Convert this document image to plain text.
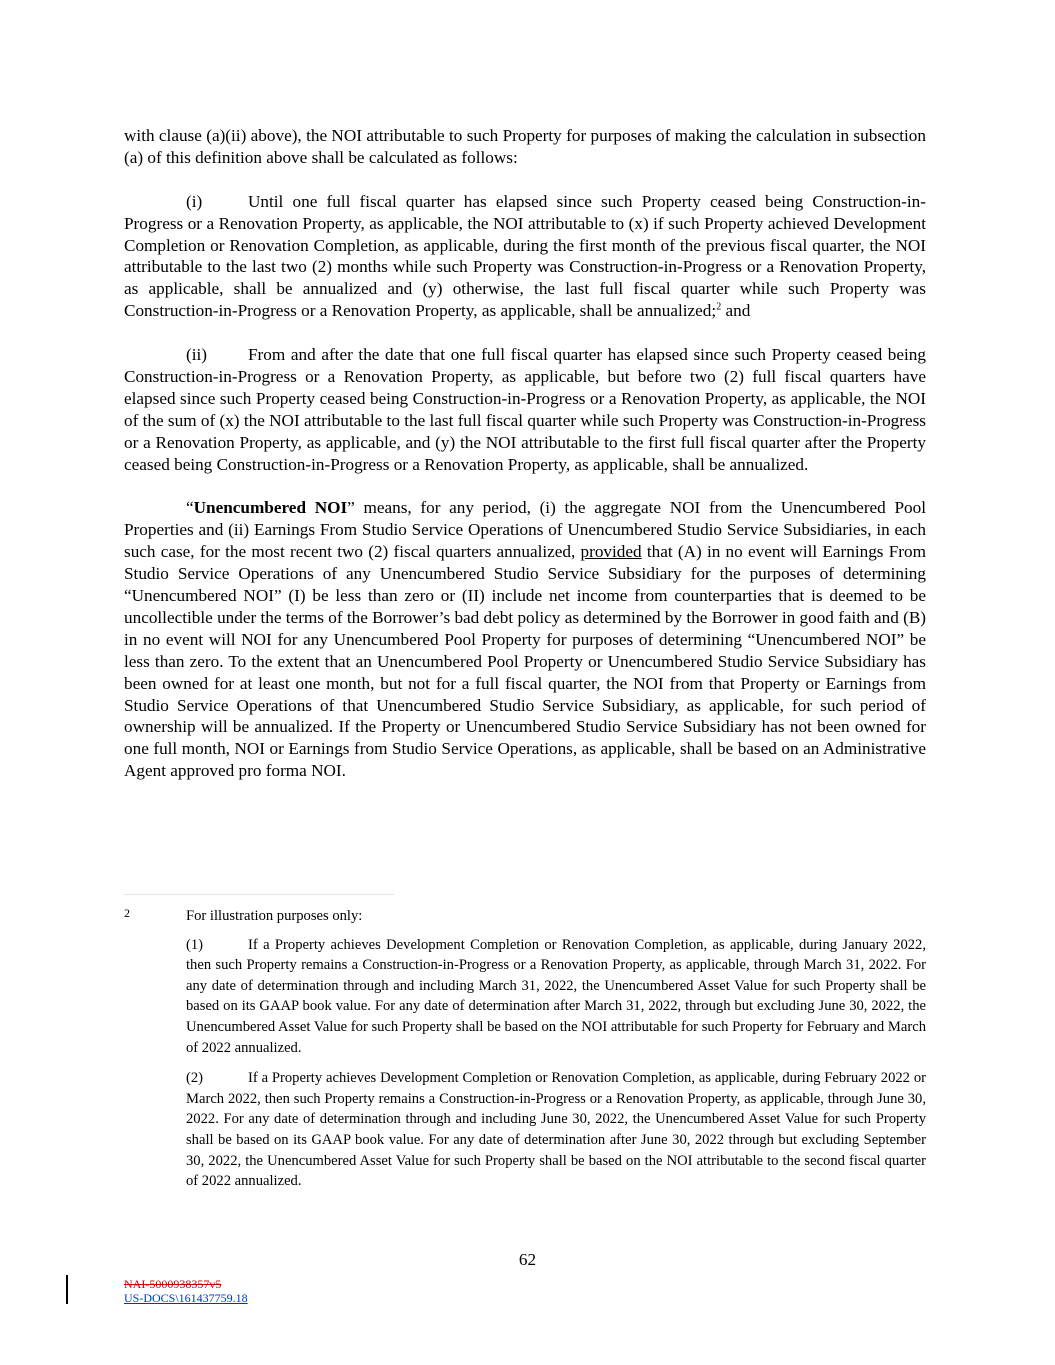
with clause (a)(ii) above), the NOI attributable to such Property for purposes of making the calculation in subsection (a) of this definition above shall be calculated as follows:

(i)	Until one full fiscal quarter has elapsed since such Property ceased being Construction-in-Progress or a Renovation Property, as applicable, the NOI attributable to (x) if such Property achieved Development Completion or Renovation Completion, as applicable, during the first month of the previous fiscal quarter, the NOI attributable to the last two (2) months while such Property was Construction-in-Progress or a Renovation Property, as applicable, shall be annualized and (y) otherwise, the last full fiscal quarter while such Property was Construction-in-Progress or a Renovation Property, as applicable, shall be annualized;$^2$ and

(ii) From and after the date that one full fiscal quarter has elapsed since such Property ceased being Construction-in-Progress or a Renovation Property, as applicable, but before two (2) full fiscal quarters have elapsed since such Property ceased being Construction-in-Progress or a Renovation Property, as applicable, the NOI of the sum of (x) the NOI attributable to the last full fiscal quarter while such Property was Construction-in-Progress or a Renovation Property, as applicable, and (y) the NOI attributable to the first full fiscal quarter after the Property ceased being Construction-in-Progress or a Renovation Property, as applicable, shall be annualized.

“Unencumbered NOI” means, for any period, (i) the aggregate NOI from the Unencumbered Pool Properties and (ii) Earnings From Studio Service Operations of Unencumbered Studio Service Subsidiaries, in each such case, for the most recent two (2) fiscal quarters annualized, provided that (A) in no event will Earnings From Studio Service Operations of any Unencumbered Studio Service Subsidiary for the purposes of determining “Unencumbered NOI” (I) be less than zero or (II) include net income from counterparties that is deemed to be uncollectible under the terms of the Borrower’s bad debt policy as determined by the Borrower in good faith and (B) in no event will NOI for any Unencumbered Pool Property for purposes of determining “Unencumbered NOI” be less than zero. To the extent that an Unencumbered Pool Property or Unencumbered Studio Service Subsidiary has been owned for at least one month, but not for a full fiscal quarter, the NOI from that Property or Earnings from Studio Service Operations of that Unencumbered Studio Service Subsidiary, as applicable, for such period of ownership will be annualized. If the Property or Unencumbered Studio Service Subsidiary has not been owned for one full month, NOI or Earnings from Studio Service Operations, as applicable, shall be based on an Administrative Agent approved pro forma NOI.

2	For illustration purposes only:

(1)	If a Property achieves Development Completion or Renovation Completion, as applicable, during January 2022, then such Property remains a Construction-in-Progress or a Renovation Property, as applicable, through March 31, 2022. For any date of determination through and including March 31, 2022, the Unencumbered Asset Value for such Property shall be based on its GAAP book value. For any date of determination after March 31, 2022, through but excluding June 30, 2022, the Unencumbered Asset Value for such Property shall be based on the NOI attributable for such Property for February and March of 2022 annualized.

(2)	If a Property achieves Development Completion or Renovation Completion, as applicable, during February 2022 or March 2022, then such Property remains a Construction-in-Progress or a Renovation Property, as applicable, through June 30, 2022. For any date of determination through and including June 30, 2022, the Unencumbered Asset Value for such Property shall be based on its GAAP book value. For any date of determination after June 30, 2022 through but excluding September 30, 2022, the Unencumbered Asset Value for such Property shall be based on the NOI attributable to the second fiscal quarter of 2022 annualized.

62
NAI-5000938357v5
US-DOCS\161437759.18
